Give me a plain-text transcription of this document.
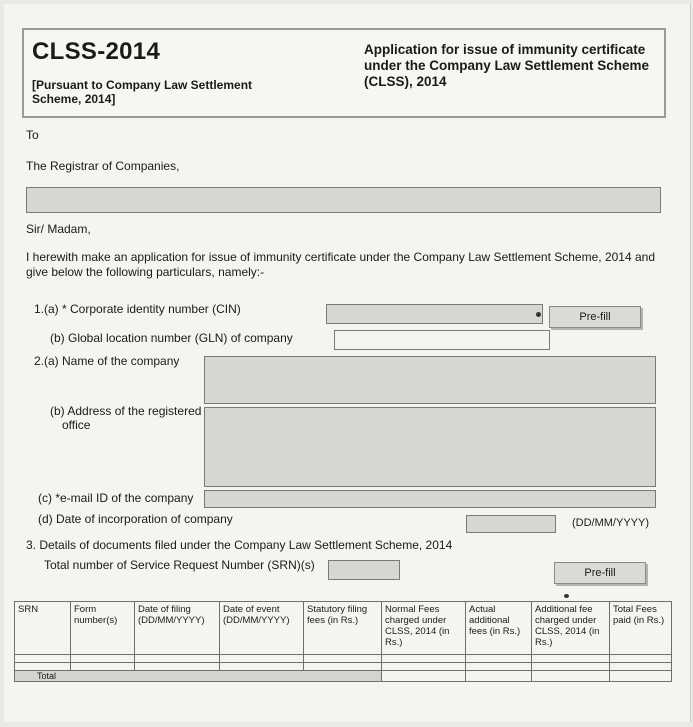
CLSS-2014
[Pursuant to Company Law Settlement Scheme, 2014]
Application for issue of immunity certificate under the Company Law Settlement Scheme (CLSS), 2014
To
The Registrar of Companies,
Sir/ Madam,
I herewith make an application for issue of immunity certificate under the Company Law Settlement Scheme, 2014 and give below the following particulars, namely:-
1.(a) * Corporate identity number (CIN)
Pre-fill
(b) Global location number (GLN) of company
2.(a) Name of the company
(b) Address of the registered
office
(c) *e-mail ID of the company
(d) Date of incorporation of company	(DD/MM/YYYY)
3. Details of documents filed under the Company Law Settlement Scheme, 2014
Total number of Service Request Number (SRN)(s)
Pre-fill
SRN	Form number(s)	Date of filing (DD/MM/YYYY)	Date of event (DD/MM/YYYY)	Statutory filing fees (in Rs.)	Normal Fees charged under CLSS, 2014 (in Rs.)	Actual additional fees (in Rs.)	Additional fee charged under CLSS, 2014 (in Rs.)	Total Fees paid (in Rs.)

Total								
